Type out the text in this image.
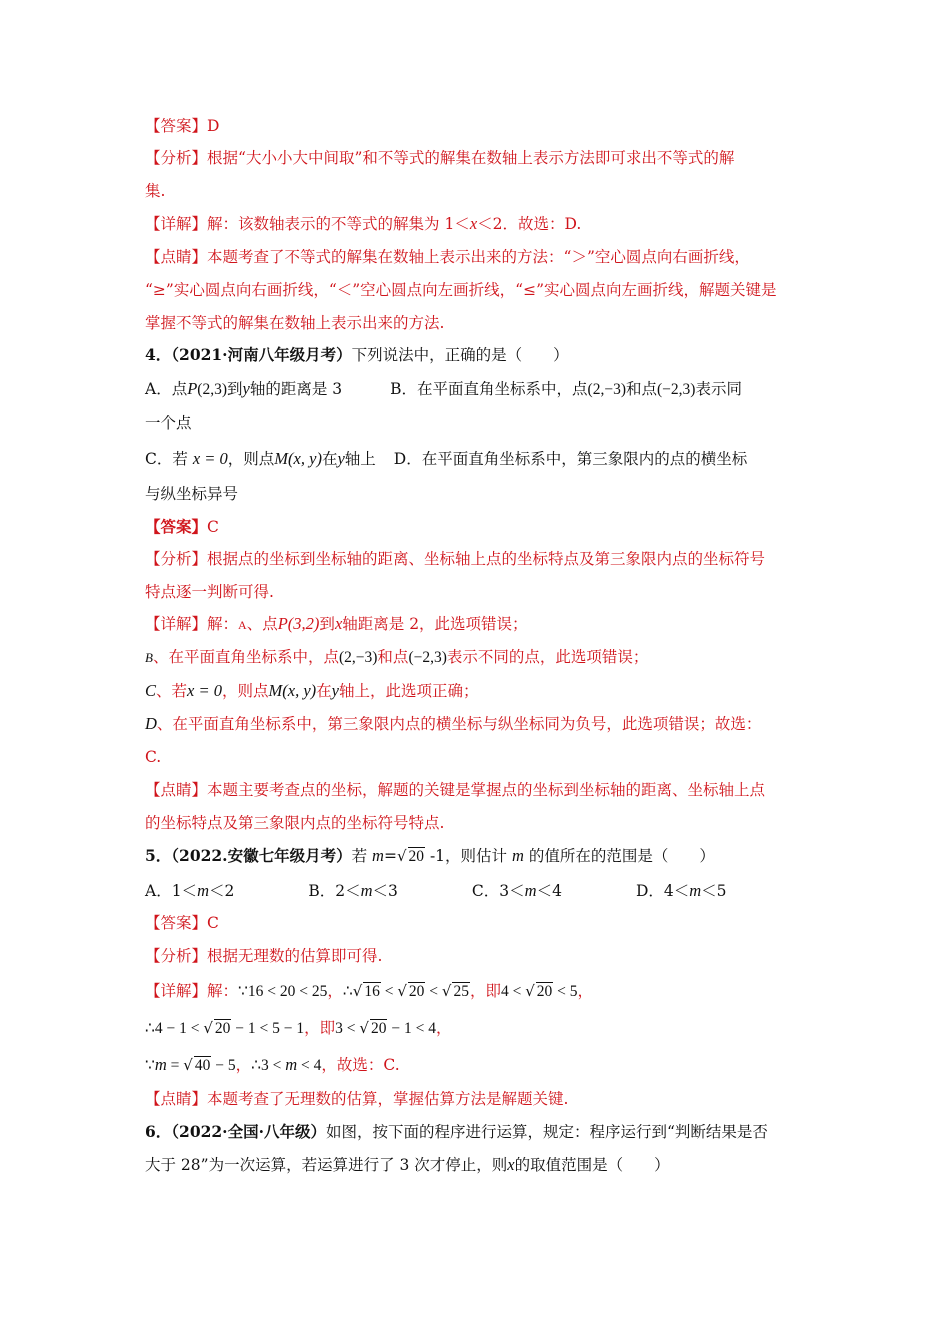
【答案】D
【分析】根据“大小小大中间取”和不等式的解集在数轴上表示方法即可求出不等式的解
集.
【详解】解：该数轴表示的不等式的解集为 1＜x＜2．故选：D.
【点睛】本题考查了不等式的解集在数轴上表示出来的方法：“＞”空心圆点向右画折线，
“≥”实心圆点向右画折线，“＜”空心圆点向左画折线，“≤”实心圆点向左画折线，解题关键是
掌握不等式的解集在数轴上表示出来的方法.
4．（2021·河南八年级月考）下列说法中，正确的是（　　）
A．点P(2,3)到y轴的距离是 3	B．在平面直角坐标系中，点(2,−3)和点(−2,3)表示同
一个点
C．若 x = 0，则点M(x, y)在y轴上 D．在平面直角坐标系中，第三象限内的点的横坐标
与纵坐标异号
【答案】C
【分析】根据点的坐标到坐标轴的距离、坐标轴上点的坐标特点及第三象限内点的坐标符号
特点逐一判断可得.
【详解】解：A、点P(3,2)到x轴距离是 2，此选项错误；
B、在平面直角坐标系中，点(2,−3)和点(−2,3)表示不同的点，此选项错误；
C、若x = 0，则点M(x, y)在y轴上，此选项正确；
D、在平面直角坐标系中，第三象限内点的横坐标与纵坐标同为负号，此选项错误；故选：
C.
【点睛】本题主要考查点的坐标，解题的关键是掌握点的坐标到坐标轴的距离、坐标轴上点
的坐标特点及第三象限内点的坐标符号特点.
5．（2022.安徽七年级月考）若 m=√ 20 -1，则估计 m 的值所在的范围是（　　）
A．1＜m＜2	B．2＜m＜3	C．3＜m＜4	D．4＜m＜5
【答案】C
【分析】根据无理数的估算即可得.
【详解】解：∵16 < 20 < 25，∴√ 16 < √ 20 < √ 25，即4 < √ 20 < 5，
∴4 − 1 < √ 20 − 1 < 5 − 1，即3 < √ 20 − 1 < 4，
∵m = √ 40 − 5，∴3 < m < 4，故选：C.
【点睛】本题考查了无理数的估算，掌握估算方法是解题关键.
6．（2022·全国·八年级）如图，按下面的程序进行运算，规定：程序运行到“判断结果是否
大于 28”为一次运算，若运算进行了 3 次才停止，则x的取值范围是（　　）
